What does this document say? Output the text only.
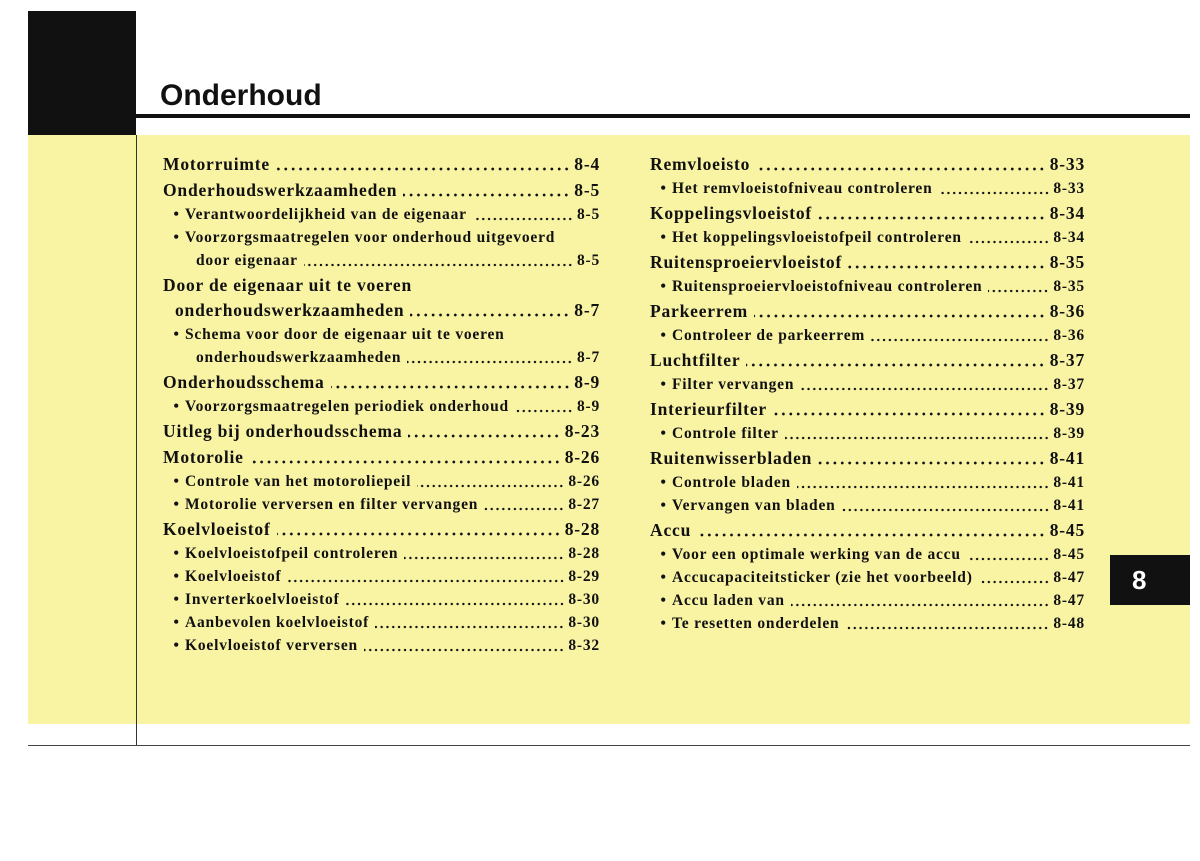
Onderhoud
Motorruimte	8-4
Onderhoudswerkzaamheden	8-5
• Verantwoordelijkheid van de eigenaar	8-5
• Voorzorgsmaatregelen voor onderhoud uitgevoerd
door eigenaar	8-5
Door de eigenaar uit te voeren
onderhoudswerkzaamheden	8-7
• Schema voor door de eigenaar uit te voeren
onderhoudswerkzaamheden	8-7
Onderhoudsschema	8-9
• Voorzorgsmaatregelen periodiek onderhoud	8-9
Uitleg bij onderhoudsschema	8-23
Motorolie	8-26
• Controle van het motoroliepeil	8-26
• Motorolie verversen en filter vervangen	8-27
Koelvloeistof	8-28
• Koelvloeistofpeil controleren	8-28
• Koelvloeistof	8-29
• Inverterkoelvloeistof	8-30
• Aanbevolen koelvloeistof	8-30
• Koelvloeistof verversen	8-32
Remvloeisto	8-33
• Het remvloeistofniveau controleren	8-33
Koppelingsvloeistof	8-34
• Het koppelingsvloeistofpeil controleren	8-34
Ruitensproeiervloeistof	8-35
• Ruitensproeiervloeistofniveau controleren	8-35
Parkeerrem	8-36
• Controleer de parkeerrem	8-36
Luchtfilter	8-37
• Filter vervangen	8-37
Interieurfilter	8-39
• Controle filter	8-39
Ruitenwisserbladen	8-41
• Controle bladen	8-41
• Vervangen van bladen	8-41
Accu	8-45
• Voor een optimale werking van de accu	8-45
• Accucapaciteitsticker (zie het voorbeeld)	8-47
• Accu laden van	8-47
• Te resetten onderdelen	8-48
8
